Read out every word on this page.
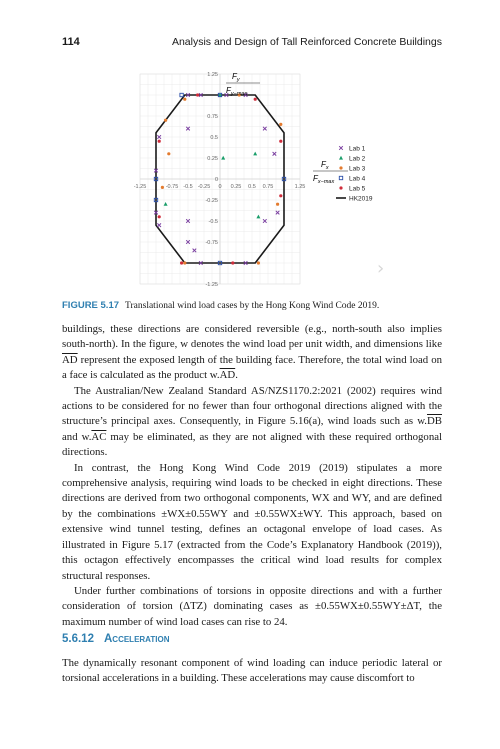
114	Analysis and Design of Tall Reinforced Concrete Buildings
-1.25	-0.75 -0.5 -0.25 0 0.25 0.5 0.75	1.25
1.25
0.75
0.5
0.25
0
-0.25
-0.5
-0.75
-1.25
Lab 1
Lab 2
Lab 3
Lab 4
Lab 5
HK2019
$F_y$
$F_{y-max}$
$F_x$
$F_{x-max}$
›
FIGURE 5.17 Translational wind load cases by the Hong Kong Wind Code 2019.

buildings, these directions are considered reversible (e.g., north-south also implies south-north). In the figure, w denotes the wind load per unit width, and dimensions like $\overline{AD}$ represent the exposed length of the building face. Therefore, the total wind load on a face is calculated as the product $w.\overline{AD}$.

The Australian/New Zealand Standard AS/NZS1170.2:2021 (2002) requires wind actions to be considered for no fewer than four orthogonal directions aligned with the structure’s principal axes. Consequently, in Figure 5.16(a), wind loads such as $w.\overline{DB}$ and $w.\overline{AC}$ may be eliminated, as they are not aligned with these required orthogonal directions.

In contrast, the Hong Kong Wind Code 2019 (2019) stipulates a more comprehensive analysis, requiring wind loads to be checked in eight directions. These directions are derived from two orthogonal components, WX and WY, and are defined by the combinations ±WX±0.55WY and ±0.55WX±WY. This approach, based on extensive wind tunnel testing, defines an octagonal envelope of load cases. As illustrated in Figure 5.17 (extracted from the Code’s Explanatory Handbook (2019)), this octagon effectively encompasses the critical wind load results for complex structural responses.

Under further combinations of torsions in opposite directions and with a further consideration of torsion (ΔTZ) dominating cases as ±0.55WX±0.55WY±ΔT, the maximum number of wind load cases can rise to 24.

5.6.12 Acceleration

The dynamically resonant component of wind loading can induce periodic lateral or torsional accelerations in a building. These accelerations may cause discomfort to
